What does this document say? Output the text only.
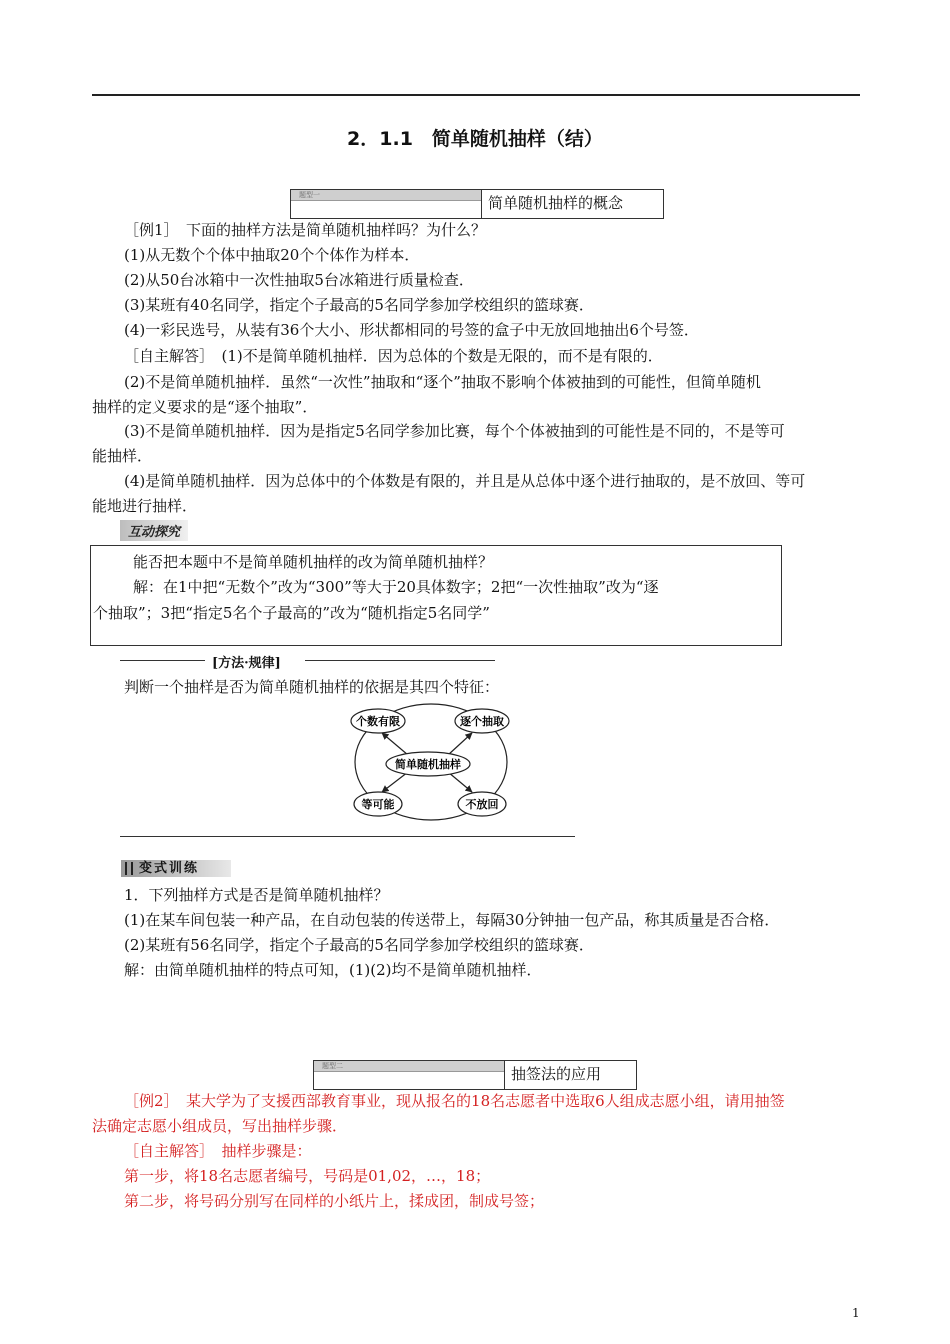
2．1.1　简单随机抽样（结）
题型一	简单随机抽样的概念
［例1］　下面的抽样方法是简单随机抽样吗？为什么？
(1)从无数个个体中抽取20个个体作为样本．
(2)从50台冰箱中一次性抽取5台冰箱进行质量检查．
(3)某班有40名同学，指定个子最高的5名同学参加学校组织的篮球赛．
(4)一彩民选号，从装有36个大小、形状都相同的号签的盒子中无放回地抽出6个号签．
［自主解答］　(1)不是简单随机抽样．因为总体的个数是无限的，而不是有限的．
(2)不是简单随机抽样．虽然“一次性”抽取和“逐个”抽取不影响个体被抽到的可能性，但简单随机
抽样的定义要求的是“逐个抽取”．
(3)不是简单随机抽样．因为是指定5名同学参加比赛，每个个体被抽到的可能性是不同的，不是等可
能抽样．
(4)是简单随机抽样．因为总体中的个体数是有限的，并且是从总体中逐个进行抽取的，是不放回、等可
能地进行抽样．
互动探究
能否把本题中不是简单随机抽样的改为简单随机抽样？
解：在1中把“无数个”改为“300”等大于20具体数字；2把“一次性抽取”改为“逐
个抽取”；3把“指定5名个子最高的”改为“随机指定5名同学”
[方法·规律]
判断一个抽样是否为简单随机抽样的依据是其四个特征：
个数有限	逐个抽取
简单随机抽样
等可能	不放回
变式训练
1．下列抽样方式是否是简单随机抽样？
(1)在某车间包装一种产品，在自动包装的传送带上，每隔30分钟抽一包产品，称其质量是否合格．
(2)某班有56名同学，指定个子最高的5名同学参加学校组织的篮球赛．
解：由简单随机抽样的特点可知，(1)(2)均不是简单随机抽样．
题型二	抽签法的应用
［例2］　某大学为了支援西部教育事业，现从报名的18名志愿者中选取6人组成志愿小组，请用抽签
法确定志愿小组成员，写出抽样步骤．
［自主解答］　抽样步骤是：
第一步，将18名志愿者编号，号码是01,02，…，18；
第二步，将号码分别写在同样的小纸片上，揉成团，制成号签；
1
